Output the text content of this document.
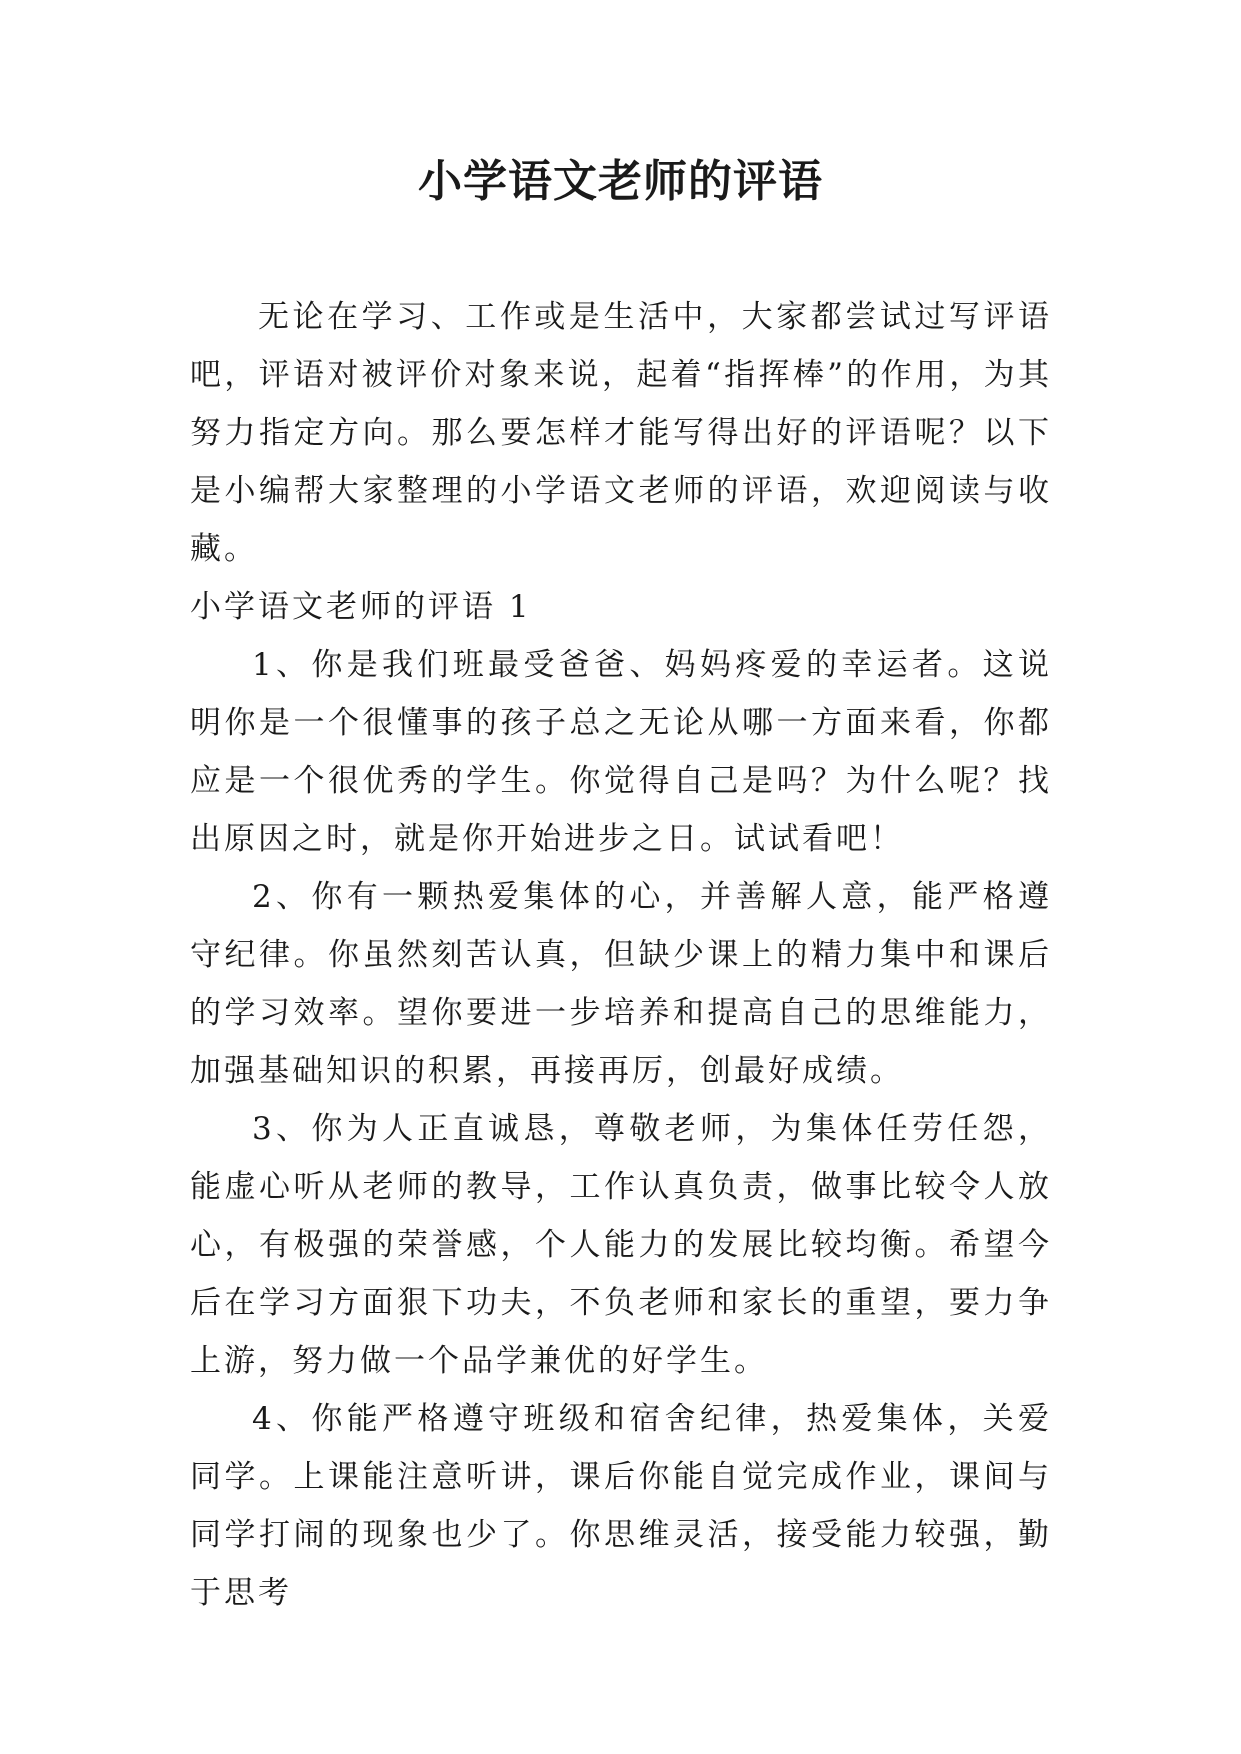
小学语文老师的评语

无论在学习、工作或是生活中，大家都尝试过写评语吧，评语对被评价对象来说，起着“指挥棒”的作用，为其努力指定方向。那么要怎样才能写得出好的评语呢？以下是小编帮大家整理的小学语文老师的评语，欢迎阅读与收藏。

小学语文老师的评语 1

1、你是我们班最受爸爸、妈妈疼爱的幸运者。这说明你是一个很懂事的孩子总之无论从哪一方面来看，你都应是一个很优秀的学生。你觉得自己是吗？为什么呢？找出原因之时，就是你开始进步之日。试试看吧！

2、你有一颗热爱集体的心，并善解人意，能严格遵守纪律。你虽然刻苦认真，但缺少课上的精力集中和课后的学习效率。望你要进一步培养和提高自己的思维能力，加强基础知识的积累，再接再厉，创最好成绩。

3、你为人正直诚恳，尊敬老师，为集体任劳任怨，能虚心听从老师的教导，工作认真负责，做事比较令人放心，有极强的荣誉感，个人能力的发展比较均衡。希望今后在学习方面狠下功夫，不负老师和家长的重望，要力争上游，努力做一个品学兼优的好学生。

4、你能严格遵守班级和宿舍纪律，热爱集体，关爱同学。上课能注意听讲，课后你能自觉完成作业，课间与同学打闹的现象也少了。你思维灵活，接受能力较强，勤于思考
